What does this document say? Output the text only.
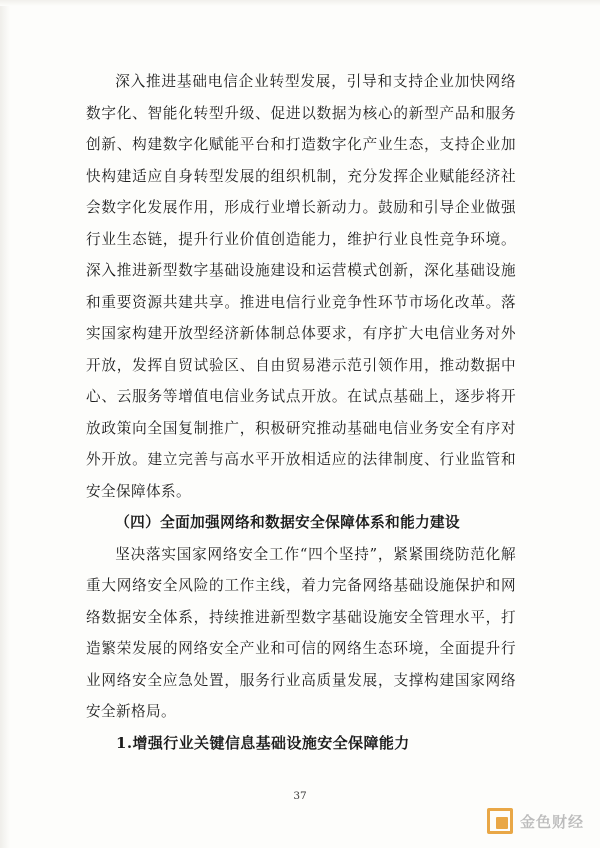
深入推进基础电信企业转型发展，引导和支持企业加快网络数字化、智能化转型升级、促进以数据为核心的新型产品和服务创新、构建数字化赋能平台和打造数字化产业生态，支持企业加快构建适应自身转型发展的组织机制，充分发挥企业赋能经济社会数字化发展作用，形成行业增长新动力。鼓励和引导企业做强行业生态链，提升行业价值创造能力，维护行业良性竞争环境。深入推进新型数字基础设施建设和运营模式创新，深化基础设施和重要资源共建共享。推进电信行业竞争性环节市场化改革。落实国家构建开放型经济新体制总体要求，有序扩大电信业务对外开放，发挥自贸试验区、自由贸易港示范引领作用，推动数据中心、云服务等增值电信业务试点开放。在试点基础上，逐步将开放政策向全国复制推广，积极研究推动基础电信业务安全有序对外开放。建立完善与高水平开放相适应的法律制度、行业监管和安全保障体系。

（四）全面加强网络和数据安全保障体系和能力建设

坚决落实国家网络安全工作“四个坚持”，紧紧围绕防范化解重大网络安全风险的工作主线，着力完备网络基础设施保护和网络数据安全体系，持续推进新型数字基础设施安全管理水平，打造繁荣发展的网络安全产业和可信的网络生态环境，全面提升行业网络安全应急处置，服务行业高质量发展，支撑构建国家网络安全新格局。

1.增强行业关键信息基础设施安全保障能力

37
金色财经
